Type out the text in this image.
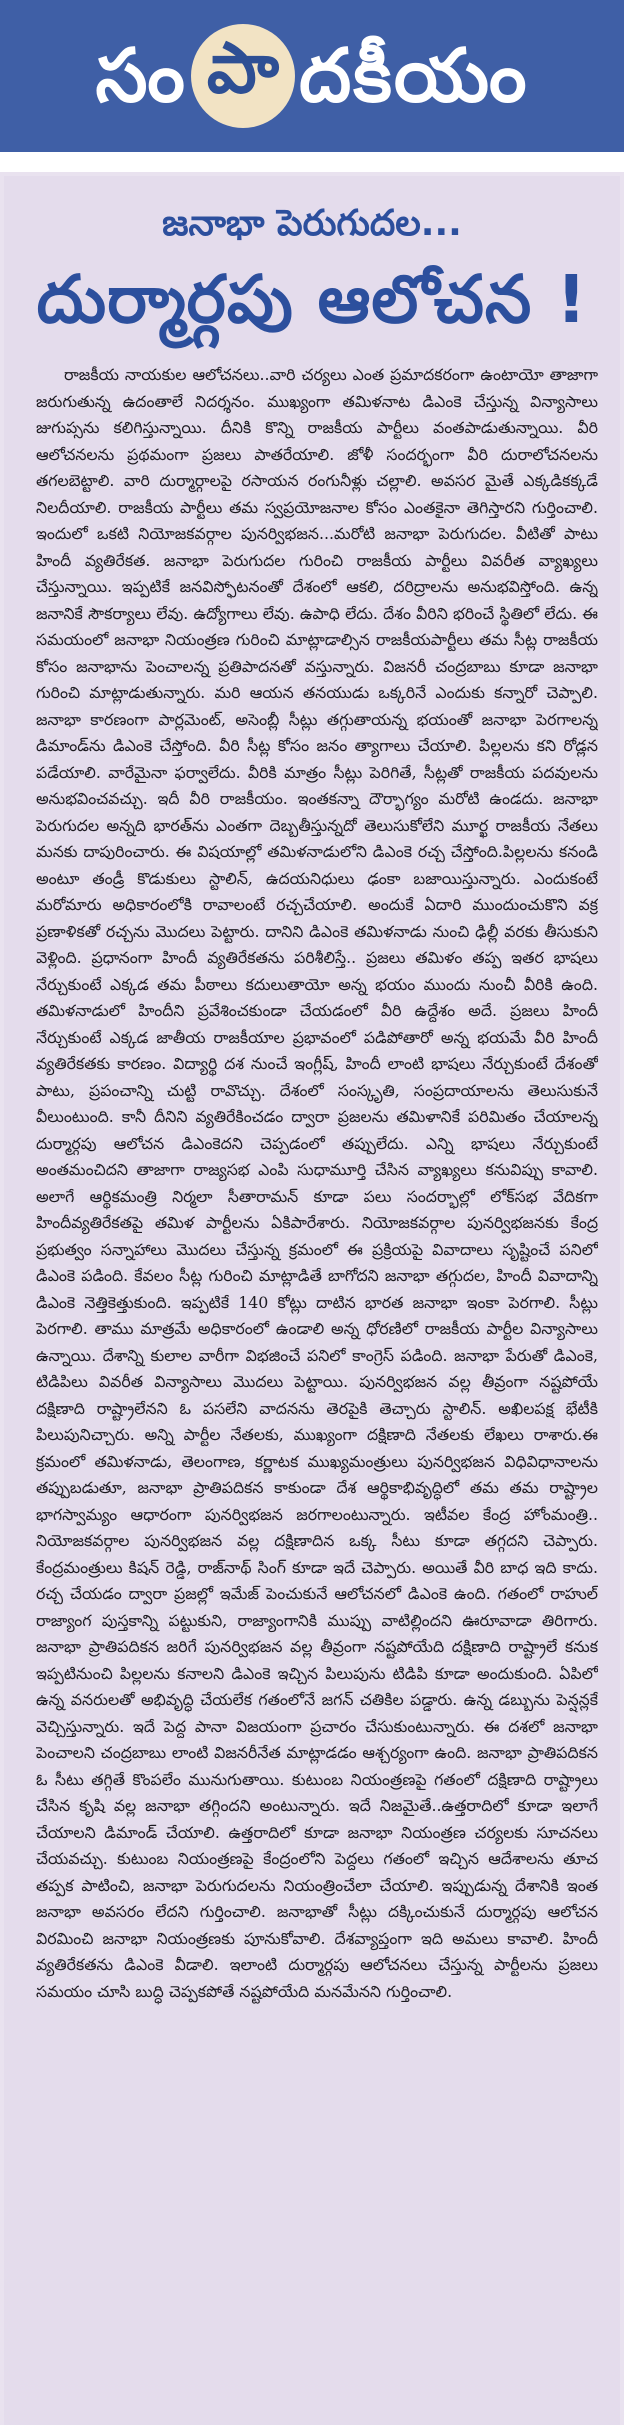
సం పా దకీయం
జనాభా పెరుగుదల...
దుర్మార్గపు ఆలోచన !
రాజకీయ నాయకుల ఆలోచనలు..వారి చర్యలు ఎంత ప్రమాదకరంగా ఉంటాయో తాజాగా జరుగుతున్న ఉదంతాలే నిదర్శనం. ముఖ్యంగా తమిళనాట డిఎంకె చేస్తున్న విన్యాసాలు జుగుప్సను కలిగిస్తున్నాయి. దీనికి కొన్ని రాజకీయ పార్టీలు వంతపాడుతున్నాయి. వీరి ఆలోచనలను ప్రథమంగా ప్రజలు పాతరేయాలి. జోళీ సందర్భంగా వీరి దురాలోచనలను తగలబెట్టాలి. వారి దుర్మార్గాలపై రసాయన రంగునీళ్లు చల్లాలి. అవసర మైతే ఎక్కడికక్కడే నిలదీయాలి. రాజకీయ పార్టీలు తమ స్వప్రయోజనాల కోసం ఎంతకైనా తెగిస్తారని గుర్తించాలి. ఇందులో ఒకటి నియోజకవర్గాల పునర్విభజన...మరోటి జనాభా పెరుగుదల. వీటితో పాటు హిందీ వ్యతిరేకత. జనాభా పెరుగుదల గురించి రాజకీయ పార్టీలు వివరీత వ్యాఖ్యలు చేస్తున్నాయి. ఇప్పటికే జనవిస్ఫోటనంతో దేశంలో ఆకలి, దరిద్రాలను అనుభవిస్తోంది. ఉన్న జనానికే సౌకర్యాలు లేవు. ఉద్యోగాలు లేవు. ఉపాధి లేదు. దేశం వీరిని భరించే స్థితిలో లేదు. ఈ సమయంలో జనాభా నియంత్రణ గురించి మాట్లాడాల్సిన రాజకీయపార్టీలు తమ సీట్ల రాజకీయ కోసం జనాభాను పెంచాలన్న ప్రతిపాదనతో వస్తున్నారు. విజనరీ చంద్రబాబు కూడా జనాభా గురించి మాట్లాడుతున్నారు. మరి ఆయన తనయుడు ఒక్కరినే ఎందుకు కన్నారో చెప్పాలి. జనాభా కారణంగా పార్లమెంట్, అసెంబ్లీ సీట్లు తగ్గుతాయన్న భయంతో జనాభా పెరగాలన్న డిమాండ్‌ను డిఎంకె చేస్తోంది. వీరి సీట్ల కోసం జనం త్యాగాలు చేయాలి. పిల్లలను కని రోడ్లన పడేయాలి. వారేమైనా ఫర్వాలేదు. వీరికి మాత్రం సీట్లు పెరిగితే, సీట్లతో రాజకీయ పదవులను అనుభవించవచ్చు. ఇదీ వీరి రాజకీయం. ఇంతకన్నా దౌర్భాగ్యం మరోటి ఉండదు. జనాభా పెరుగుదల అన్నది భారత్‌ను ఎంతగా దెబ్బతీస్తున్నదో తెలుసుకోలేని మూర్ఖ రాజకీయ నేతలు మనకు దాపురించారు. ఈ విషయాల్లో తమిళనాడులోని డిఎంకె రచ్చ చేస్తోంది.పిల్లలను కనండి అంటూ తండ్రీ కొడుకులు స్టాలిన్, ఉదయనిధులు ఢంకా బజాయిస్తున్నారు. ఎందుకంటే మరోమారు అధికారంలోకి రావాలంటే రచ్చచేయాలి. అందుకే ఏదారి ముందుంచుకొని వక్ర ప్రణాళికతో రచ్చను మొదలు పెట్టారు. దానిని డిఎంకె తమిళనాడు నుంచి ఢిల్లీ వరకు తీసుకుని వెళ్లింది. ప్రధానంగా హిందీ వ్యతిరేకతను పరిశీలిస్తే.. ప్రజలు తమిళం తప్ప ఇతర భాషలు నేర్చుకుంటే ఎక్కడ తమ పీఠాలు కదులుతాయో అన్న భయం ముందు నుంచీ వీరికి ఉంది. తమిళనాడులో హిందీని ప్రవేశించకుండా చేయడంలో వీరి ఉద్దేశం అదే. ప్రజలు హిందీ నేర్చుకుంటే ఎక్కడ జాతీయ రాజకీయాల ప్రభావంలో పడిపోతారో అన్న భయమే వీరి హిందీ వ్యతిరేకతకు కారణం. విద్యార్థి దశ నుంచే ఇంగ్లీష్, హిందీ లాంటి భాషలు నేర్చుకుంటే దేశంతో పాటు, ప్రపంచాన్ని చుట్టి రావొచ్చు. దేశంలో సంస్కృతి, సంప్రదాయాలను తెలుసుకునే వీలుంటుంది. కానీ దీనిని వ్యతిరేకించడం ద్వారా ప్రజలను తమిళానికే పరిమితం చేయాలన్న దుర్మార్గపు ఆలోచన డిఎంకెదని చెప్పడంలో తప్పులేదు. ఎన్ని భాషలు నేర్చుకుంటే అంతమంచిదని తాజాగా రాజ్యసభ ఎంపి సుధామూర్తి చేసిన వ్యాఖ్యలు కనువిప్పు కావాలి. అలాగే ఆర్థికమంత్రి నిర్మలా సీతారామన్ కూడా పలు సందర్భాల్లో లోక్‌సభ వేదికగా హిందీవ్యతిరేకతపై తమిళ పార్టీలను ఏకిపారేశారు. నియోజకవర్గాల పునర్విభజనకు కేంద్ర ప్రభుత్వం సన్నాహాలు మొదలు చేస్తున్న క్రమంలో ఈ ప్రక్రియపై వివాదాలు సృష్టించే పనిలో డిఎంకె పడింది. కేవలం సీట్ల గురించి మాట్లాడితే బాగోదని జనాభా తగ్గుదల, హిందీ వివాదాన్ని డిఎంకె నెత్తికెత్తుకుంది. ఇప్పటికే 140 కోట్లు దాటిన భారత జనాభా ఇంకా పెరగాలి. సీట్లు పెరగాలి. తాము మాత్రమే అధికారంలో ఉండాలి అన్న ధోరణిలో రాజకీయ పార్టీల విన్యాసాలు ఉన్నాయి. దేశాన్ని కులాల వారీగా విభజించే పనిలో కాంగ్రెస్ పడింది. జనాభా పేరుతో డిఎంకె, టిడిపిలు వివరీత విన్యాసాలు మొదలు పెట్టాయి. పునర్విభజన వల్ల తీవ్రంగా నష్టపోయే దక్షిణాది రాష్ట్రాలేనని ఓ పసలేని వాదనను తెరపైకి తెచ్చారు స్టాలిన్. అఖిలపక్ష భేటీకి పిలుపునిచ్చారు. అన్ని పార్టీల నేతలకు, ముఖ్యంగా దక్షిణాది నేతలకు లేఖలు రాశారు.ఈ క్రమంలో తమిళనాడు, తెలంగాణ, కర్ణాటక ముఖ్యమంత్రులు పునర్విభజన విధివిధానాలను తప్పుబడుతూ, జనాభా ప్రాతిపదికన కాకుండా దేశ ఆర్థికాభివృద్ధిలో తమ తమ రాష్ట్రాల భాగస్వామ్యం ఆధారంగా పునర్విభజన జరగాలంటున్నారు. ఇటీవల కేంద్ర హోంమంత్రి.. నియోజకవర్గాల పునర్విభజన వల్ల దక్షిణాదిన ఒక్క సీటు కూడా తగ్గదని చెప్పారు. కేంద్రమంత్రులు కిషన్ రెడ్డి, రాజ్‌నాథ్ సింగ్ కూడా ఇదే చెప్పారు. అయితే వీరి బాధ ఇది కాదు. రచ్చ చేయడం ద్వారా ప్రజల్లో ఇమేజ్ పెంచుకునే ఆలోచనలో డిఎంకె ఉంది. గతంలో రాహుల్ రాజ్యాంగ పుస్తకాన్ని పట్టుకుని, రాజ్యాంగానికి ముప్పు వాటిల్లిందని ఊరూవాడా తిరిగారు. జనాభా ప్రాతిపదికన జరిగే పునర్విభజన వల్ల తీవ్రంగా నష్టపోయేది దక్షిణాది రాష్ట్రాలే కనుక ఇప్పటినుంచి పిల్లలను కనాలని డిఎంకె ఇచ్చిన పిలుపును టిడిపి కూడా అందుకుంది. ఏపిలో ఉన్న వనరులతో అభివృద్ధి చేయలేక గతంలోనే జగన్ చతికిల పడ్డారు. ఉన్న డబ్బును పెన్షన్లకే వెచ్చిస్తున్నారు. ఇదే పెద్ద పానా విజయంగా ప్రచారం చేసుకుంటున్నారు. ఈ దశలో జనాభా పెంచాలని చంద్రబాబు లాంటి విజనరీనేత మాట్లాడడం ఆశ్చర్యంగా ఉంది. జనాభా ప్రాతిపదికన ఓ సీటు తగ్గితే కొంపలేం మునుగుతాయి. కుటుంబ నియంత్రణపై గతంలో దక్షిణాది రాష్ట్రాలు చేసిన కృషి వల్ల జనాభా తగ్గిందని అంటున్నారు. ఇదే నిజమైతే..ఉత్తరాదిలో కూడా ఇలాగే చేయాలని డిమాండ్ చేయాలి. ఉత్తరాదిలో కూడా జనాభా నియంత్రణ చర్యలకు సూచనలు చేయవచ్చు. కుటుంబ నియంత్రణపై కేంద్రంలోని పెద్దలు గతంలో ఇచ్చిన ఆదేశాలను తూచ తప్పక పాటించి, జనాభా పెరుగుదలను నియంత్రించేలా చేయాలి. ఇప్పుడున్న దేశానికి ఇంత జనాభా అవసరం లేదని గుర్తించాలి. జనాభాతో సీట్లు దక్కించుకునే దుర్మార్గపు ఆలోచన విరమించి జనాభా నియంత్రణకు పూనుకోవాలి. దేశవ్యాప్తంగా ఇది అమలు కావాలి. హిందీ వ్యతిరేకతను డిఎంకె వీడాలి. ఇలాంటి దుర్మార్గపు ఆలోచనలు చేస్తున్న పార్టీలను ప్రజలు సమయం చూసి బుద్ధి చెప్పకపోతే నష్టపోయేది మనమేనని గుర్తించాలి.
